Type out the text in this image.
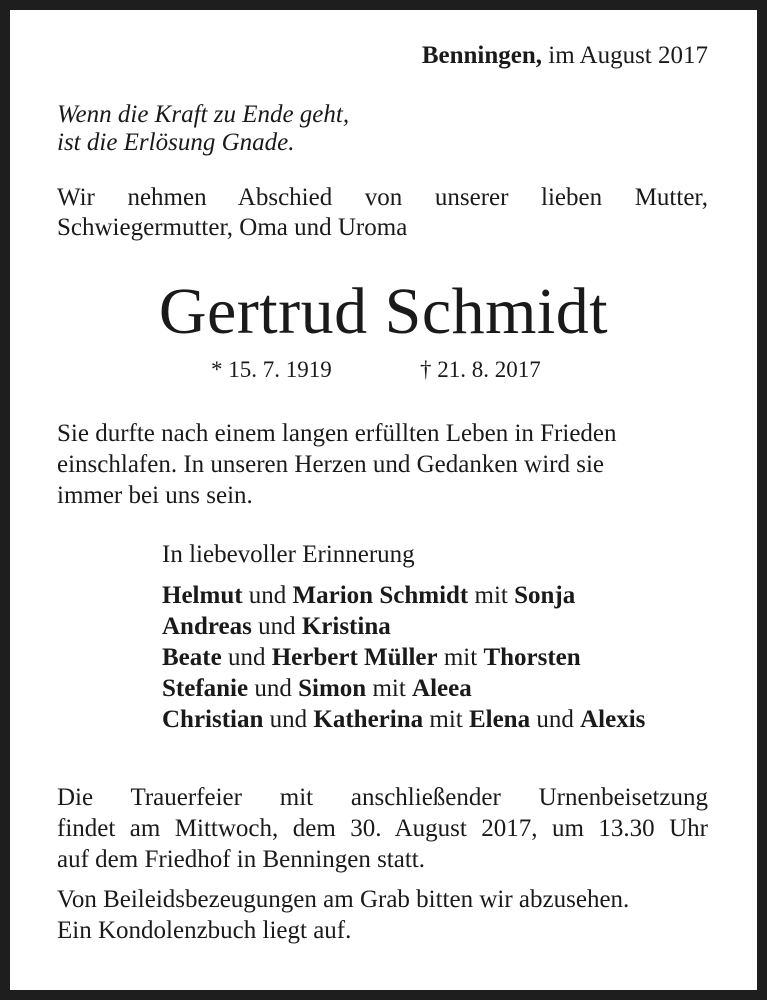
Benningen, im August 2017
Wenn die Kraft zu Ende geht,
ist die Erlösung Gnade.
Wir nehmen Abschied von unserer lieben Mutter,
Schwiegermutter, Oma und Uroma
Gertrud Schmidt
* 15. 7. 1919	† 21. 8. 2017
Sie durfte nach einem langen erfüllten Leben in Frieden
einschlafen. In unseren Herzen und Gedanken wird sie
immer bei uns sein.
In liebevoller Erinnerung
Helmut und Marion Schmidt mit Sonja
Andreas und Kristina
Beate und Herbert Müller mit Thorsten
Stefanie und Simon mit Aleea
Christian und Katherina mit Elena und Alexis
Die Trauerfeier mit anschließender Urnenbeisetzung
findet am Mittwoch, dem 30. August 2017, um 13.30 Uhr
auf dem Friedhof in Benningen statt.
Von Beileidsbezeugungen am Grab bitten wir abzusehen.
Ein Kondolenzbuch liegt auf.
